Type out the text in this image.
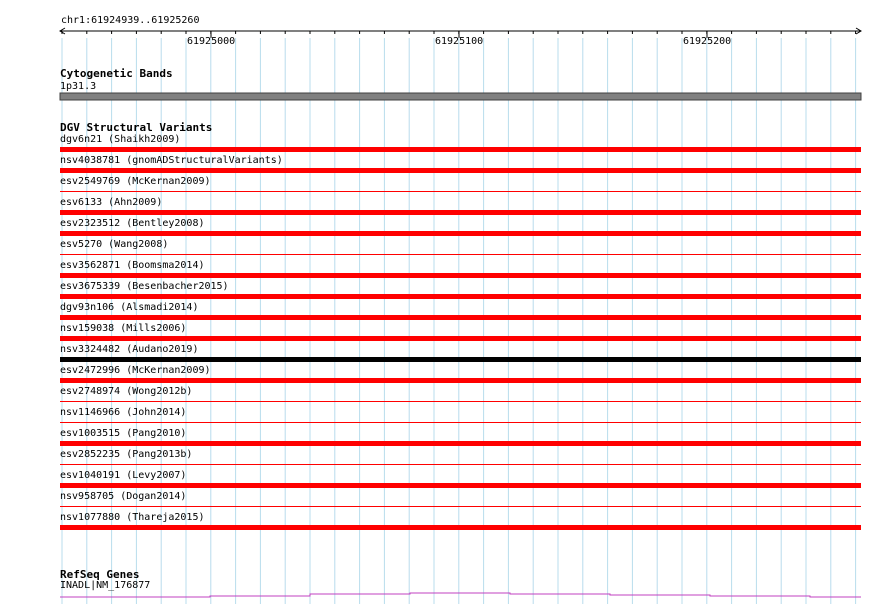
chr1:61924939..61925260
61925000	61925100	61925200
Cytogenetic Bands
1p31.3
DGV Structural Variants
dgv6n21 (Shaikh2009)
nsv4038781 (gnomADStructuralVariants)
esv2549769 (McKernan2009)
esv6133 (Ahn2009)
esv2323512 (Bentley2008)
esv5270 (Wang2008)
esv3562871 (Boomsma2014)
esv3675339 (Besenbacher2015)
dgv93n106 (Alsmadi2014)
nsv159038 (Mills2006)
nsv3324482 (Audano2019)
esv2472996 (McKernan2009)
esv2748974 (Wong2012b)
nsv1146966 (John2014)
esv1003515 (Pang2010)
esv2852235 (Pang2013b)
esv1040191 (Levy2007)
nsv958705 (Dogan2014)
nsv1077880 (Thareja2015)
RefSeq Genes
INADL|NM_176877
